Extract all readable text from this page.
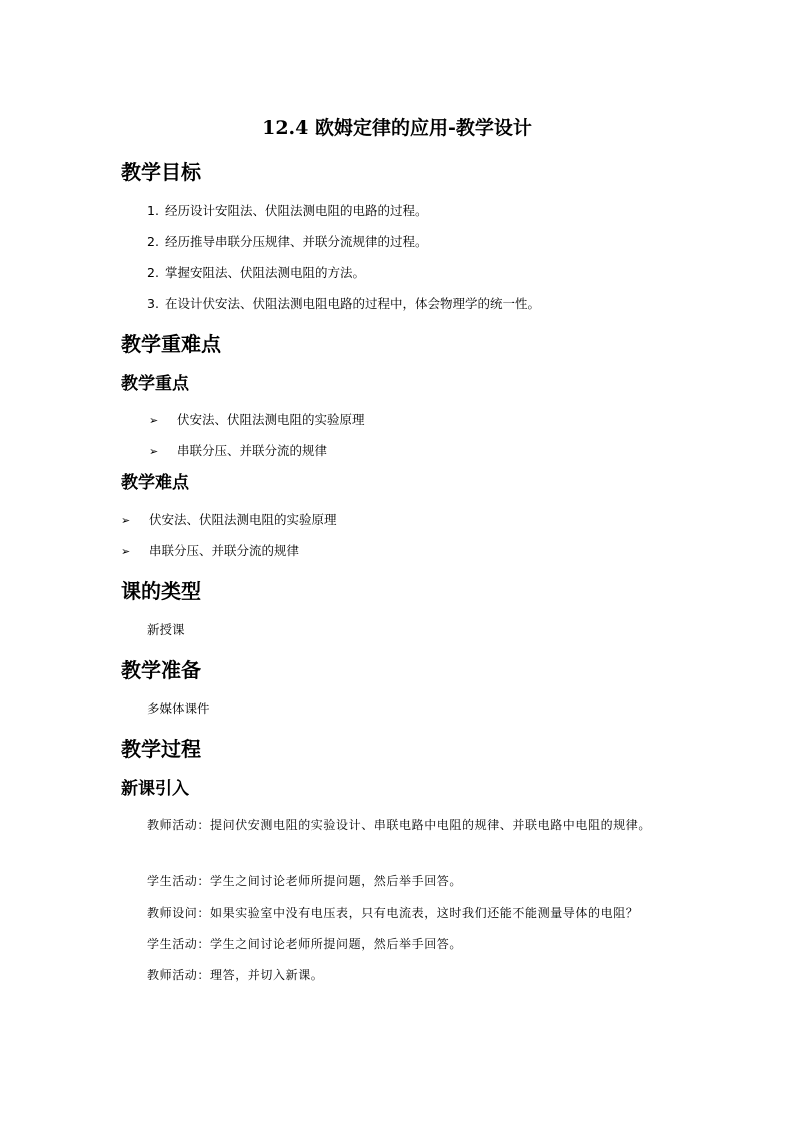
12.4 欧姆定律的应用-教学设计
教学目标
1. 经历设计安阻法、伏阻法测电阻的电路的过程。
2. 经历推导串联分压规律、并联分流规律的过程。
2. 掌握安阻法、伏阻法测电阻的方法。
3. 在设计伏安法、伏阻法测电阻电路的过程中，体会物理学的统一性。
教学重难点
教学重点
➢ 伏安法、伏阻法测电阻的实验原理
➢ 串联分压、并联分流的规律
教学难点
➢ 伏安法、伏阻法测电阻的实验原理
➢ 串联分压、并联分流的规律
课的类型
新授课
教学准备
多媒体课件
教学过程
新课引入
教师活动：提问伏安测电阻的实验设计、串联电路中电阻的规律、并联电路中电阻的规律。
学生活动：学生之间讨论老师所提问题，然后举手回答。
教师设问：如果实验室中没有电压表，只有电流表，这时我们还能不能测量导体的电阻？
学生活动：学生之间讨论老师所提问题，然后举手回答。
教师活动：理答，并切入新课。
